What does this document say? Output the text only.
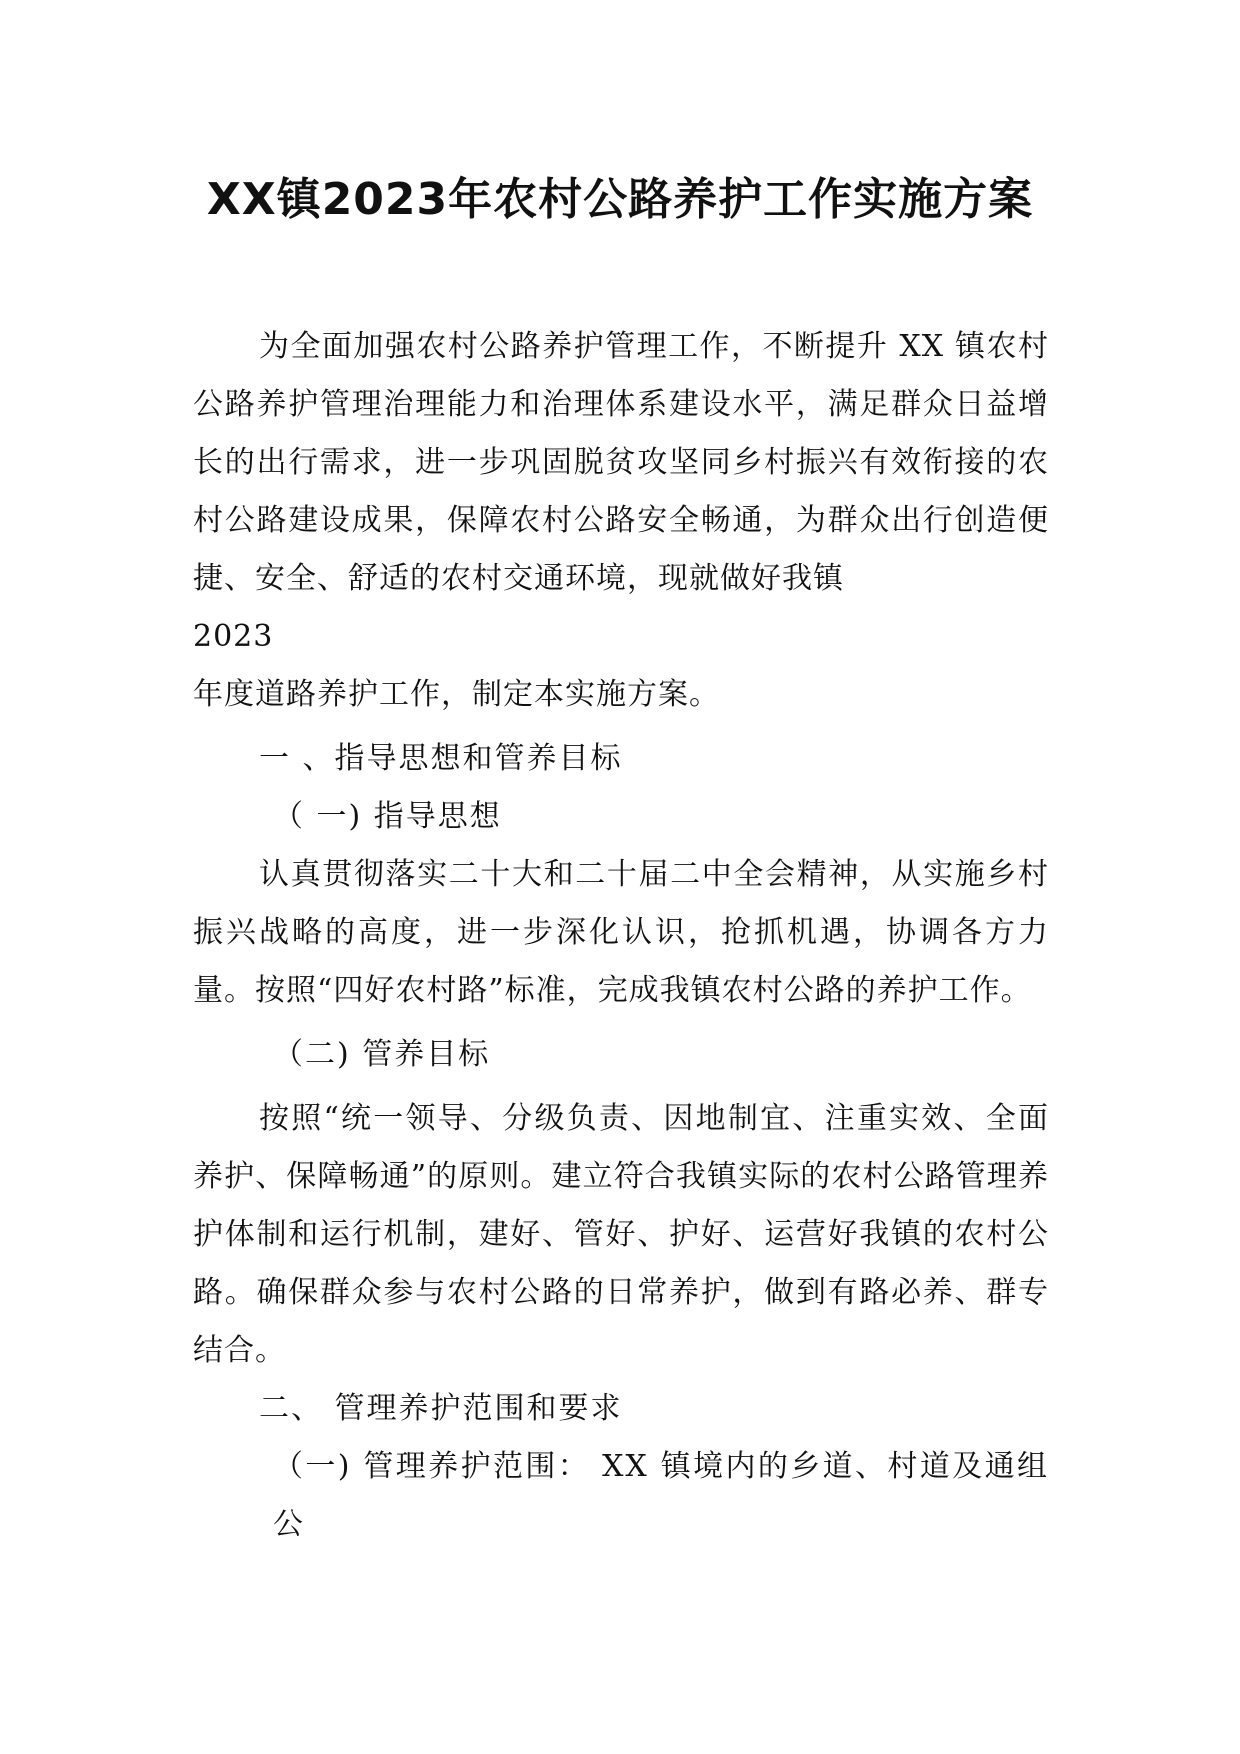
XX镇2023年农村公路养护工作实施方案

为全面加强农村公路养护管理工作，不断提升 XX 镇农村公路养护管理治理能力和治理体系建设水平，满足群众日益增长的出行需求，进一步巩固脱贫攻坚同乡村振兴有效衔接的农村公路建设成果，保障农村公路安全畅通，为群众出行创造便捷、安全、舒适的农村交通环境，现就做好我镇

2023

年度道路养护工作，制定本实施方案。

一 、指导思想和管养目标

（ 一) 指导思想

认真贯彻落实二十大和二十届二中全会精神，从实施乡村振兴战略的高度，进一步深化认识，抢抓机遇，协调各方力量。按照“四好农村路”标准，完成我镇农村公路的养护工作。

（二) 管养目标

按照“统一领导、分级负责、因地制宜、注重实效、全面养护、保障畅通”的原则。建立符合我镇实际的农村公路管理养护体制和运行机制，建好、管好、护好、运营好我镇的农村公路。确保群众参与农村公路的日常养护，做到有路必养、群专结合。

二、 管理养护范围和要求

（一) 管理养护范围： XX 镇境内的乡道、村道及通组公
